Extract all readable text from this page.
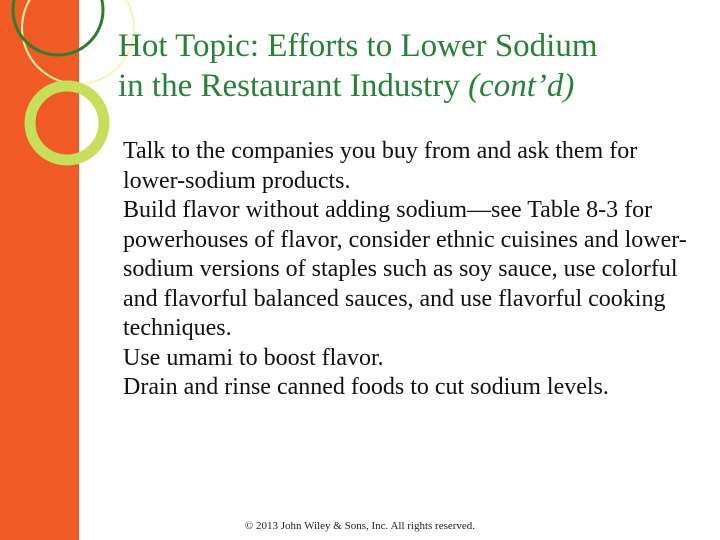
Hot Topic: Efforts to Lower Sodium
in the Restaurant Industry (cont’d)
Talk to the companies you buy from and ask them for lower-sodium products.
Build flavor without adding sodium—see Table 8-3 for powerhouses of flavor, consider ethnic cuisines and lower-sodium versions of staples such as soy sauce, use colorful and flavorful balanced sauces, and use flavorful cooking techniques.
Use umami to boost flavor.
Drain and rinse canned foods to cut sodium levels.
© 2013 John Wiley & Sons, Inc. All rights reserved.
